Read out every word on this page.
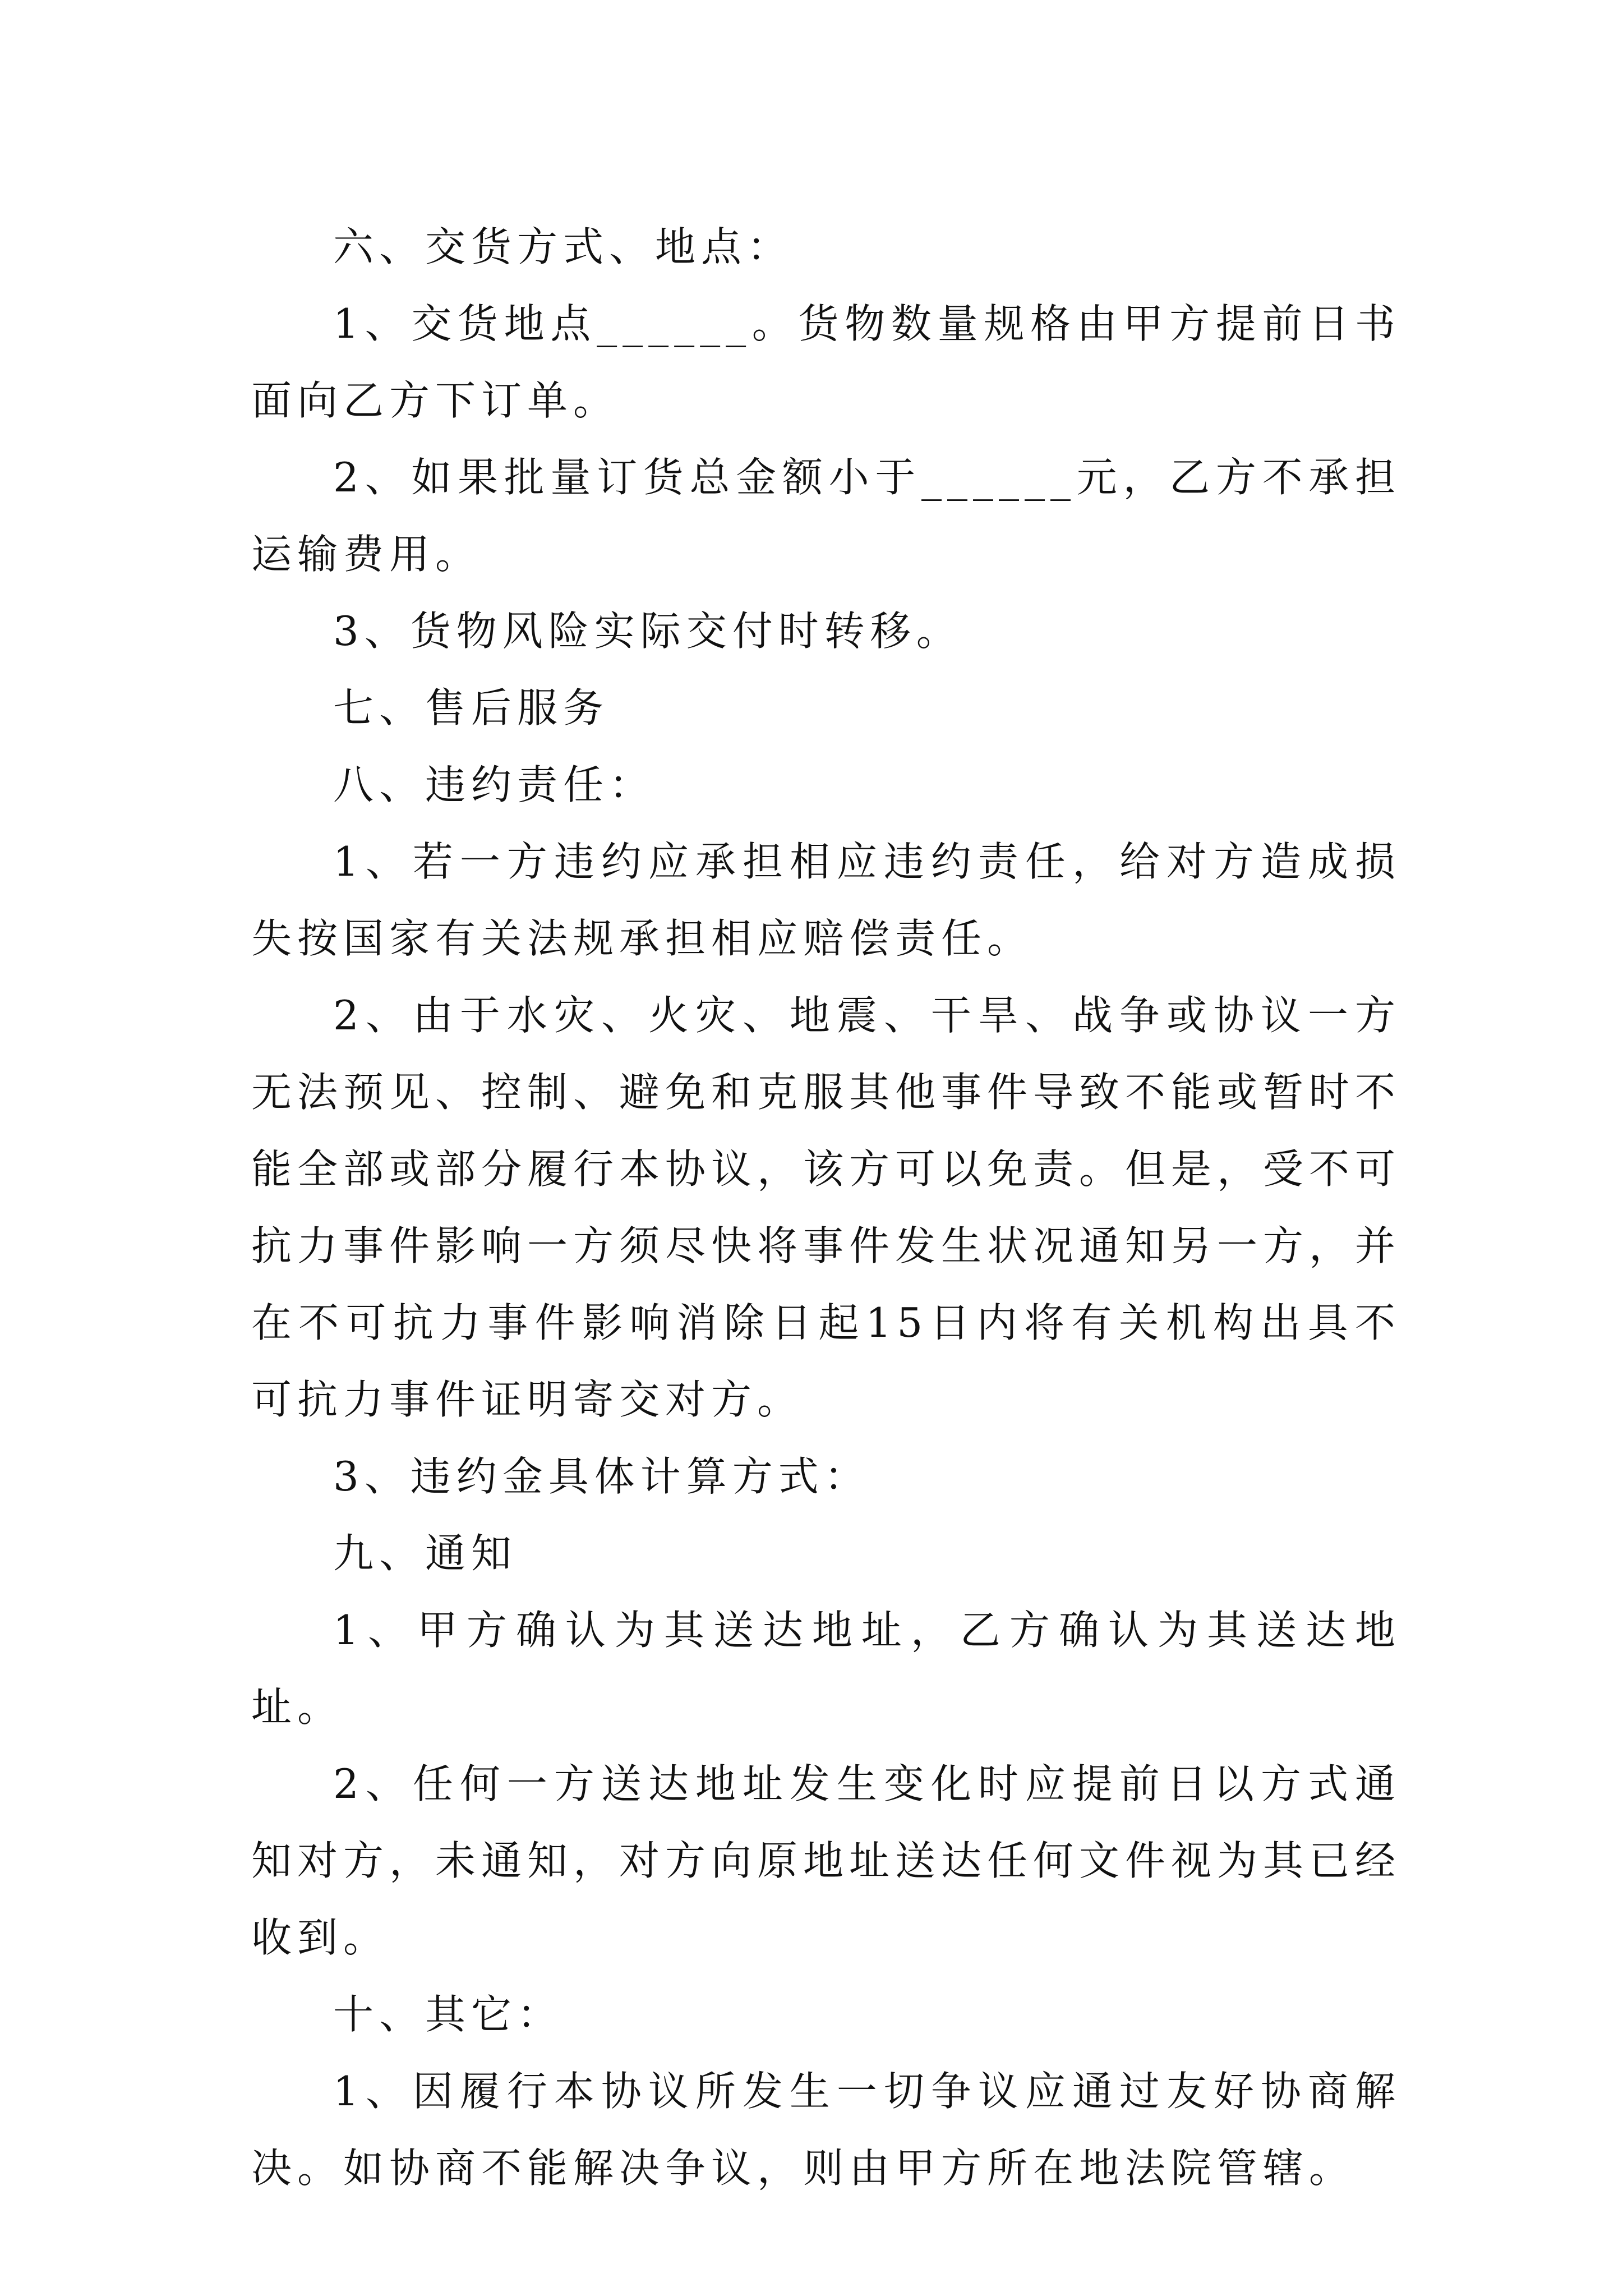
六、交货方式、地点：

1、交货地点______。货物数量规格由甲方提前日书面向乙方下订单。

2、如果批量订货总金额小于______元，乙方不承担运输费用。

3、货物风险实际交付时转移。

七、售后服务

八、违约责任：

1、若一方违约应承担相应违约责任，给对方造成损失按国家有关法规承担相应赔偿责任。

2、由于水灾、火灾、地震、干旱、战争或协议一方无法预见、控制、避免和克服其他事件导致不能或暂时不能全部或部分履行本协议，该方可以免责。但是，受不可抗力事件影响一方须尽快将事件发生状况通知另一方，并在不可抗力事件影响消除日起15日内将有关机构出具不可抗力事件证明寄交对方。

3、违约金具体计算方式：

九、通知

1、甲方确认为其送达地址，乙方确认为其送达地址。

2、任何一方送达地址发生变化时应提前日以方式通知对方，未通知，对方向原地址送达任何文件视为其已经收到。

十、其它：

1、因履行本协议所发生一切争议应通过友好协商解决。如协商不能解决争议，则由甲方所在地法院管辖。
